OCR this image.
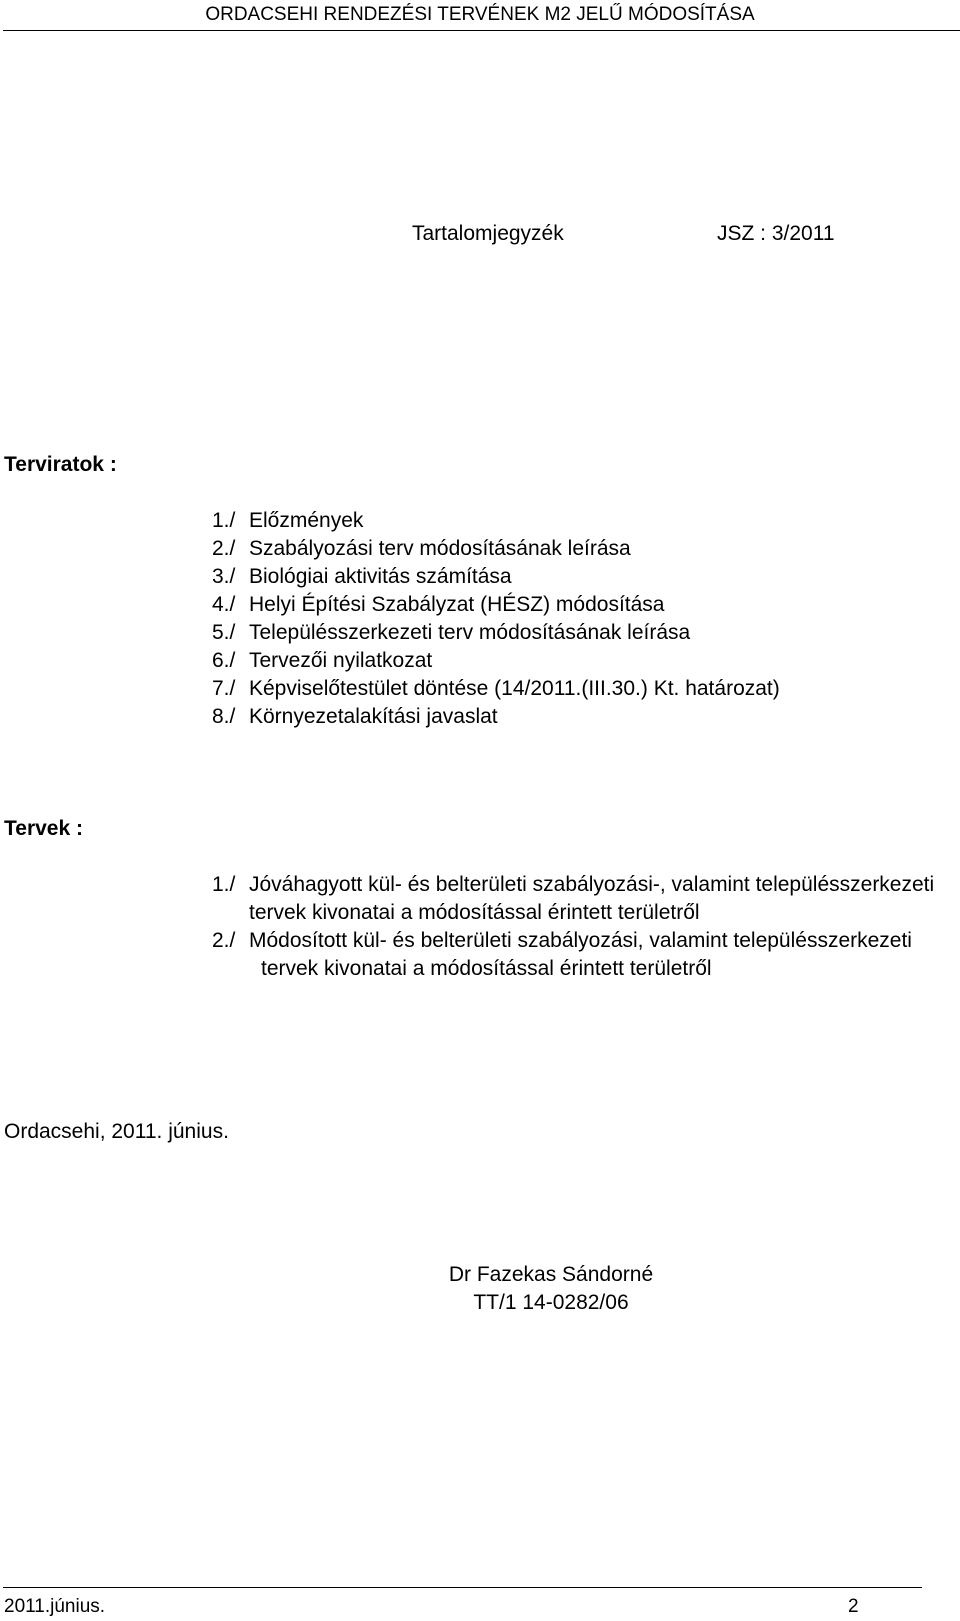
ORDACSEHI RENDEZÉSI TERVÉNEK M2 JELŰ MÓDOSÍTÁSA
Tartalomjegyzék	JSZ : 3/2011
Terviratok :
1./ Előzmények
2./ Szabályozási terv módosításának leírása
3./ Biológiai aktivitás számítása
4./ Helyi Építési Szabályzat (HÉSZ) módosítása
5./ Településszerkezeti terv módosításának leírása
6./ Tervezői nyilatkozat
7./ Képviselőtestület döntése (14/2011.(III.30.) Kt. határozat)
8./ Környezetalakítási javaslat
Tervek :
1./ Jóváhagyott kül- és belterületi szabályozási-, valamint településszerkezeti
tervek kivonatai a módosítással érintett területről
2./ Módosított kül- és belterületi szabályozási, valamint településszerkezeti
tervek kivonatai a módosítással érintett területről
Ordacsehi, 2011. június.
Dr Fazekas Sándorné
TT/1 14-0282/06
2011.június.	2
